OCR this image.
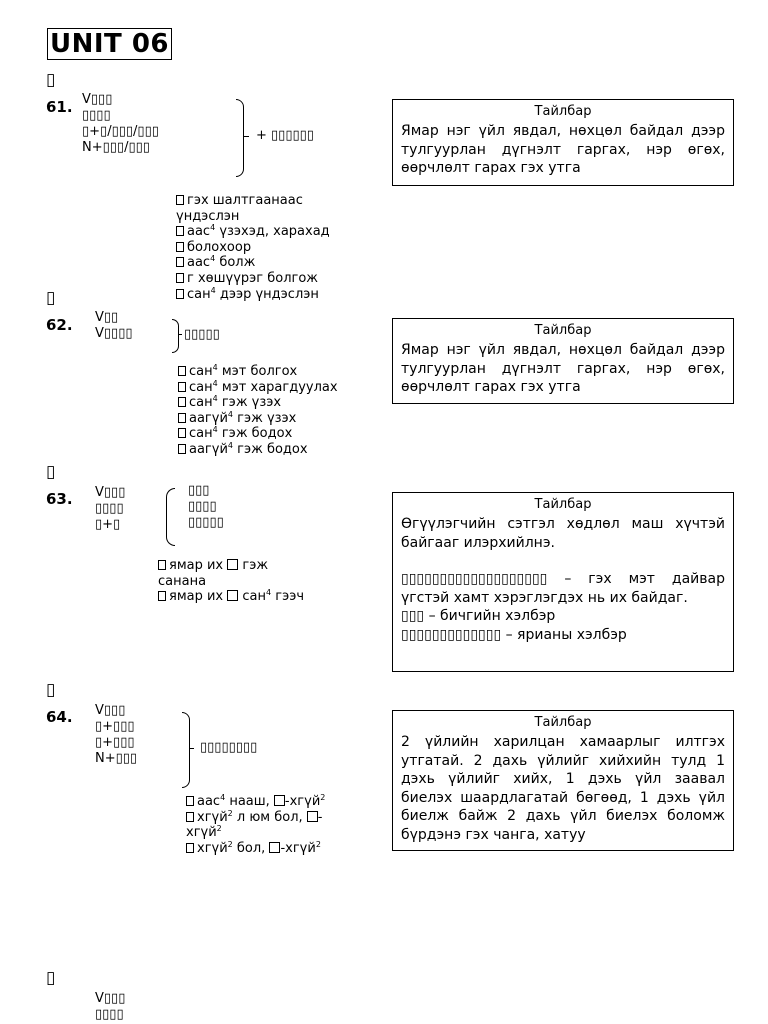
UNIT 06
▯
61. V▯▯▯
▯▯▯▯
▯+▯/▯▯▯/▯▯▯
N+▯▯▯/▯▯▯
+ ▯▯▯▯▯▯
гэх шалтгаанаас
үндэслэн
аас$^4$ үзэхэд, харахад
болохоор
аас$^4$ болж
г хөшүүрэг болгож
сан$^4$ дээр үндэслэн
Тайлбар
Ямар нэг үйл явдал, нөхцөл байдал дээр тулгуурлан дүгнэлт гаргах, нэр өгөх, өөрчлөлт гарах гэх утга
▯
62. V▯▯
V▯▯▯▯	▯▯▯▯▯
сан$^4$ мэт болгох
сан$^4$ мэт харагдуулах
сан$^4$ гэж үзэх
аагүй$^4$ гэж үзэх
сан$^4$ гэж бодох
аагүй$^4$ гэж бодох
Тайлбар
Ямар нэг үйл явдал, нөхцөл байдал дээр тулгуурлан дүгнэлт гаргах, нэр өгөх, өөрчлөлт гарах гэх утга
▯
63. V▯▯▯
▯▯▯▯
▯+▯
▯▯▯
▯▯▯▯
▯▯▯▯▯
ямар их  гэж
санана
ямар их  сан$^4$ гээч
Тайлбар
Өгүүлэгчийн сэтгэл хөдлөл маш хүчтэй байгааг илэрхийлнэ.
▯▯▯▯▯▯▯▯▯▯▯▯▯▯▯▯▯▯▯ – гэх мэт дайвар үгстэй хамт хэрэглэгдэх нь их байдаг.
▯▯▯ – бичгийн хэлбэр
▯▯▯▯▯▯▯▯▯▯▯▯▯ – ярианы хэлбэр
▯
64. V▯▯▯
▯+▯▯▯
▯+▯▯▯
N+▯▯▯
▯▯▯▯▯▯▯▯
аас$^4$ нааш, -хгүй$^2$
хгүй$^2$ л юм бол, -
хгүй$^2$
хгүй$^2$ бол, -хгүй$^2$
Тайлбар
2 үйлийн харилцан хамаарлыг илтгэх утгатай. 2 дахь үйлийг хийхийн тулд 1 дэхь үйлийг хийх, 1 дэхь үйл заавал биелэх шаардлагатай бөгөөд, 1 дэхь үйл биелж байж 2 дахь үйл биелэх боломж бүрдэнэ гэх чанга, хатуу
▯
V▯▯▯
▯▯▯▯
